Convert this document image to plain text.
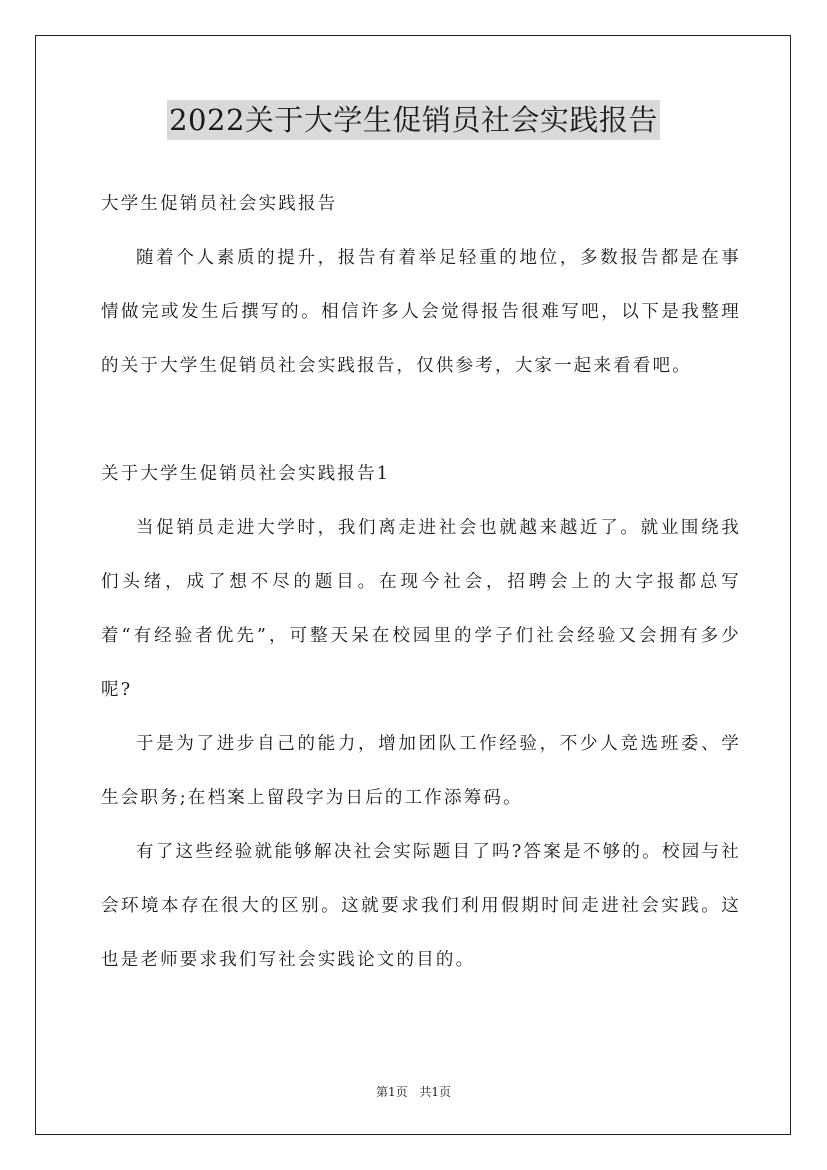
2022关于大学生促销员社会实践报告

大学生促销员社会实践报告

随着个人素质的提升，报告有着举足轻重的地位，多数报告都是在事情做完或发生后撰写的。相信许多人会觉得报告很难写吧，以下是我整理的关于大学生促销员社会实践报告，仅供参考，大家一起来看看吧。

关于大学生促销员社会实践报告1

当促销员走进大学时，我们离走进社会也就越来越近了。就业围绕我们头绪，成了想不尽的题目。在现今社会，招聘会上的大字报都总写着“有经验者优先”，可整天呆在校园里的学子们社会经验又会拥有多少呢?

于是为了进步自己的能力，增加团队工作经验，不少人竞选班委、学生会职务;在档案上留段字为日后的工作添筹码。

有了这些经验就能够解决社会实际题目了吗?答案是不够的。校园与社会环境本存在很大的区别。这就要求我们利用假期时间走进社会实践。这也是老师要求我们写社会实践论文的目的。

第1页 共1页
